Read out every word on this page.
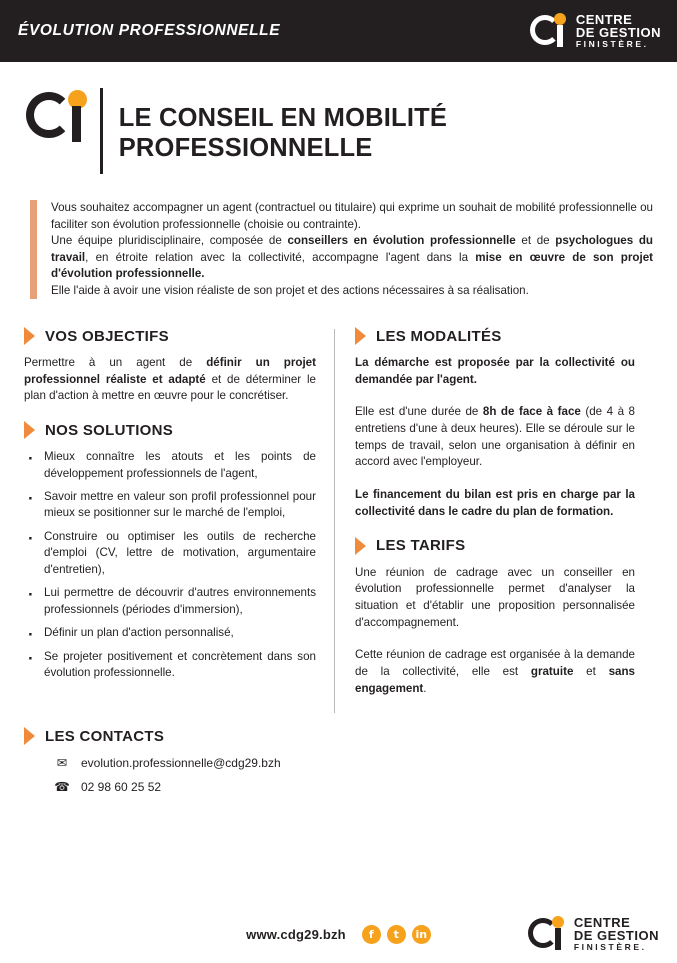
ÉVOLUTION PROFESSIONNELLE
CENTRE
DE GESTION
FINISTÈRE.
LE CONSEIL EN MOBILITÉ PROFESSIONNELLE

Vous souhaitez accompagner un agent (contractuel ou titulaire) qui exprime un souhait de mobilité professionnelle ou faciliter son évolution professionnelle (choisie ou contrainte).

Une équipe pluridisciplinaire, composée de conseillers en évolution professionnelle et de psychologues du travail, en étroite relation avec la collectivité, accompagne l'agent dans la mise en œuvre de son projet d'évolution professionnelle.

Elle l'aide à avoir une vision réaliste de son projet et des actions nécessaires à sa réalisation.

VOS OBJECTIFS

Permettre à un agent de définir un projet professionnel réaliste et adapté et de déterminer le plan d'action à mettre en œuvre pour le concrétiser.

NOS SOLUTIONS
· Mieux connaître les atouts et les points de développement professionnels de l'agent,
· Savoir mettre en valeur son profil professionnel pour mieux se positionner sur le marché de l'emploi,
· Construire ou optimiser les outils de recherche d'emploi (CV, lettre de motivation, argumentaire d'entretien),
· Lui permettre de découvrir d'autres environnements professionnels (périodes d'immersion),
· Définir un plan d'action personnalisé,
· Se projeter positivement et concrètement dans son évolution professionnelle.
LES MODALITÉS

La démarche est proposée par la collectivité ou demandée par l'agent.

Elle est d'une durée de 8h de face à face (de 4 à 8 entretiens d'une à deux heures). Elle se déroule sur le temps de travail, selon une organisation à définir en accord avec l'employeur.

Le financement du bilan est pris en charge par la collectivité dans le cadre du plan de formation.

LES TARIFS

Une réunion de cadrage avec un conseiller en évolution professionnelle permet d'analyser la situation et d'établir une proposition personnalisée d'accompagnement.

Cette réunion de cadrage est organisée à la demande de la collectivité, elle est gratuite et sans engagement.

LES CONTACTS
✉ evolution.professionnelle@cdg29.bzh
☎ 02 98 60 25 52
www.cdg29.bzh	f	t	in
CENTRE
DE GESTION
FINISTÈRE.
